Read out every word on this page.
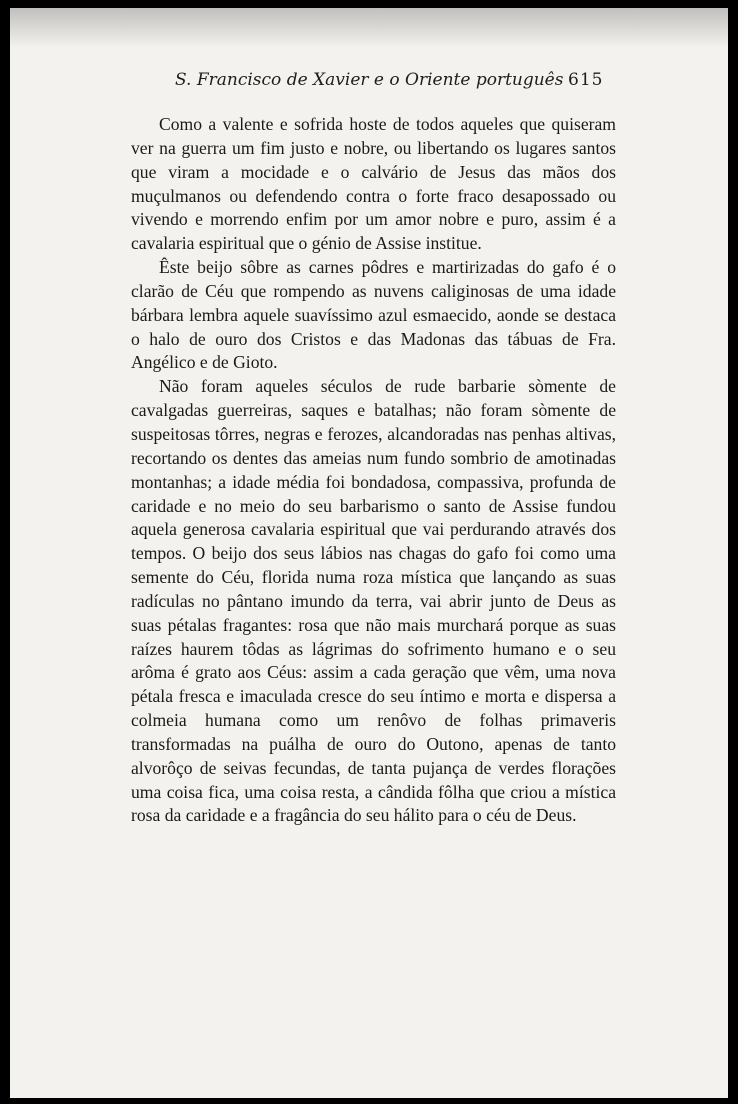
S. Francisco de Xavier e o Oriente português 615

Como a valente e sofrida hoste de todos aqueles que quiseram ver na guerra um fim justo e nobre, ou libertando os lugares santos que viram a mocidade e o calvário de Jesus das mãos dos muçulmanos ou defendendo contra o forte fraco desapossado ou vivendo e morrendo enfim por um amor nobre e puro, assim é a cavalaria espiritual que o génio de Assise institue.

Êste beijo sôbre as carnes pôdres e martirizadas do gafo é o clarão de Céu que rompendo as nuvens caliginosas de uma idade bárbara lembra aquele suavíssimo azul esmaecido, aonde se destaca o halo de ouro dos Cristos e das Madonas das tábuas de Fra. Angélico e de Gioto.

Não foram aqueles séculos de rude barbarie sòmente de cavalgadas guerreiras, saques e batalhas; não foram sòmente de suspeitosas tôrres, negras e ferozes, alcandoradas nas penhas altivas, recortando os dentes das ameias num fundo sombrio de amotinadas montanhas; a idade média foi bondadosa, compassiva, profunda de caridade e no meio do seu barbarismo o santo de Assise fundou aquela generosa cavalaria espiritual que vai perdurando através dos tempos. O beijo dos seus lábios nas chagas do gafo foi como uma semente do Céu, florida numa roza mística que lançando as suas radículas no pântano imundo da terra, vai abrir junto de Deus as suas pétalas fragantes: rosa que não mais murchará porque as suas raízes haurem tôdas as lágrimas do sofrimento humano e o seu arôma é grato aos Céus: assim a cada geração que vêm, uma nova pétala fresca e imaculada cresce do seu íntimo e morta e dispersa a colmeia humana como um renôvo de folhas primaveris transformadas na puálha de ouro do Outono, apenas de tanto alvorôço de seivas fecundas, de tanta pujança de verdes florações uma coisa fica, uma coisa resta, a cândida fôlha que criou a mística rosa da caridade e a fragância do seu hálito para o céu de Deus.
